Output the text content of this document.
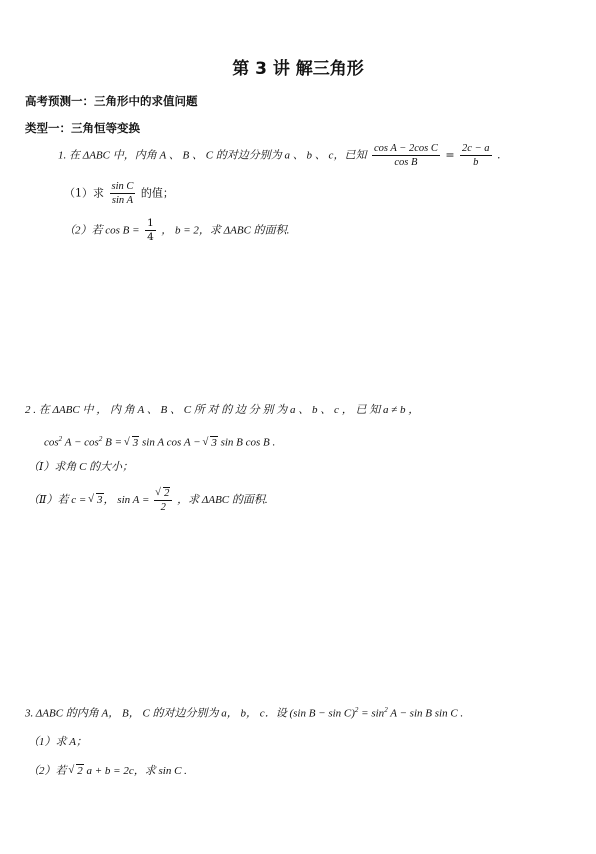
第 3 讲 解三角形
高考预测一：三角形中的求值问题
类型一：三角恒等变换
1. 在 ΔABC 中，内角 A 、 B 、 C 的对边分别为 a 、 b 、 c，已知 $\frac{\text{cos A − 2cos C}}{\text{cos B}} = \frac{2c - a}{b}$ .
（1）求 $\frac{\text{sin C}}{\text{sin A}}$ 的值；
（2）若 $\cos B = \frac{1}{4}$ ， b = 2，求 ΔABC 的面积.
2 . 在 ΔABC 中 ， 内 角 A 、 B 、 C 所 对 的 边 分 别 为 a 、 b 、 c ， 已 知 a ≠ b ，
$\cos^2 A - \cos^2 B$ = √ 3 sin A cos A − √ 3 sin B cos B .
（Ⅰ）求角 C 的大小；
（Ⅱ）若 c = √ 3， sin A =
√ $\frac{2}{2}$ ，求 ΔABC 的面积.
3. ΔABC 的内角 A， B， C 的对边分别为 a， b， c．设 (sin $B - \sin C)^2 = \sin^2 A - \sin B$ sin C .
（1）求 A；
（2）若 √ 2 a + b = 2c，求 sin C .
